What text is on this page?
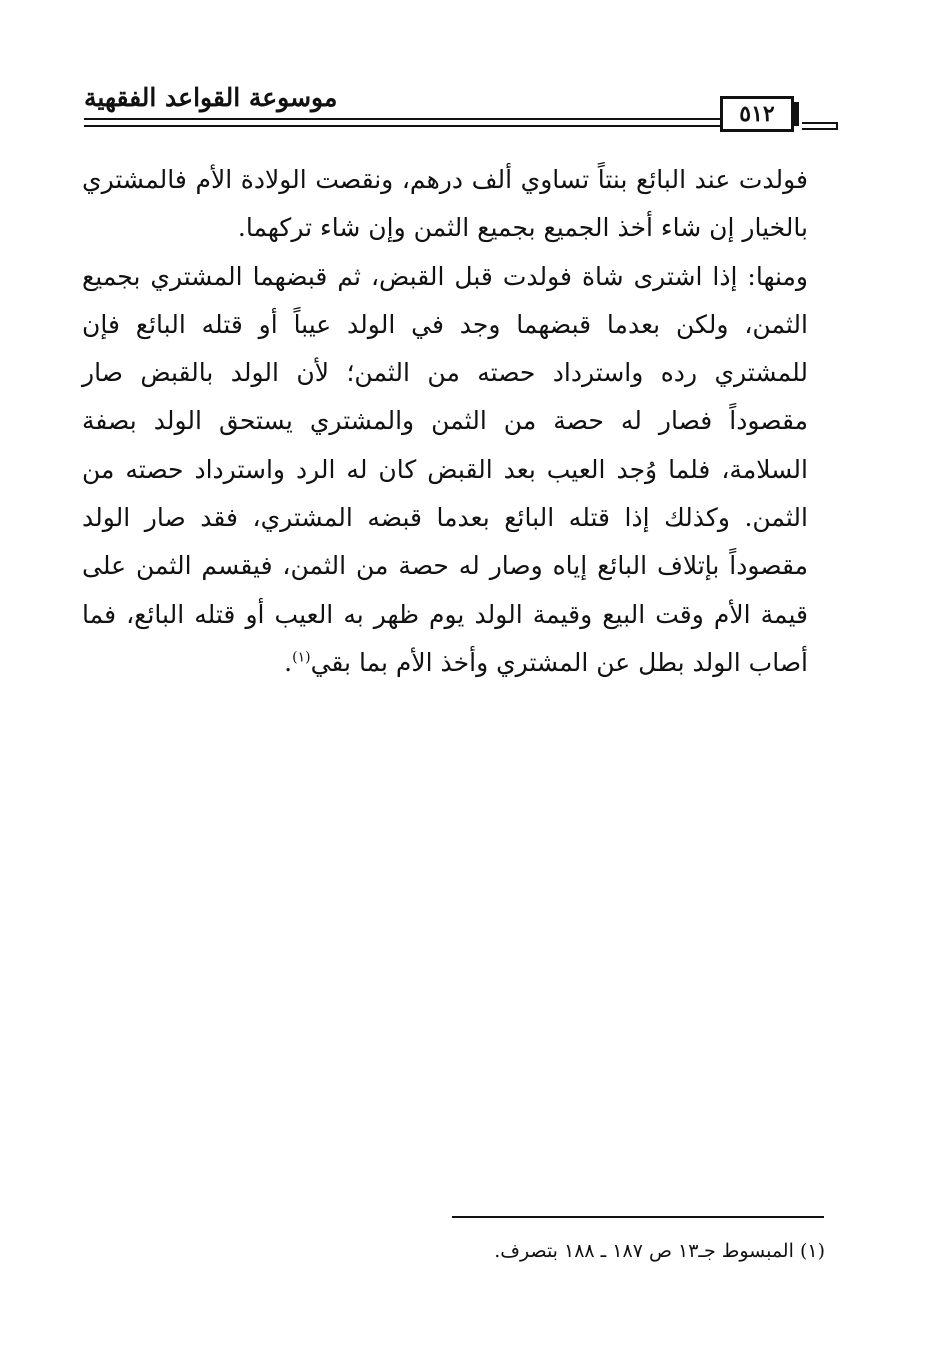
موسوعة القواعد الفقهية
٥١٢

فولدت عند البائع بنتاً تساوي ألف درهم، ونقصت الولادة الأم فالمشتري بالخيار إن شاء أخذ الجميع بجميع الثمن وإن شاء تركهما.

ومنها: إذا اشترى شاة فولدت قبل القبض، ثم قبضهما المشتري بجميع الثمن، ولكن بعدما قبضهما وجد في الولد عيباً أو قتله البائع فإن للمشتري رده واسترداد حصته من الثمن؛ لأن الولد بالقبض صار مقصوداً فصار له حصة من الثمن والمشتري يستحق الولد بصفة السلامة، فلما وُجد العيب بعد القبض كان له الرد واسترداد حصته من الثمن. وكذلك إذا قتله البائع بعدما قبضه المشتري، فقد صار الولد مقصوداً بإتلاف البائع إياه وصار له حصة من الثمن، فيقسم الثمن على قيمة الأم وقت البيع وقيمة الولد يوم ظهر به العيب أو قتله البائع، فما أصاب الولد بطل عن المشتري وأخذ الأم بما بقي$^{(١)}$.

(١) المبسوط جـ١٣ ص ١٨٧ ـ ١٨٨ بتصرف.
